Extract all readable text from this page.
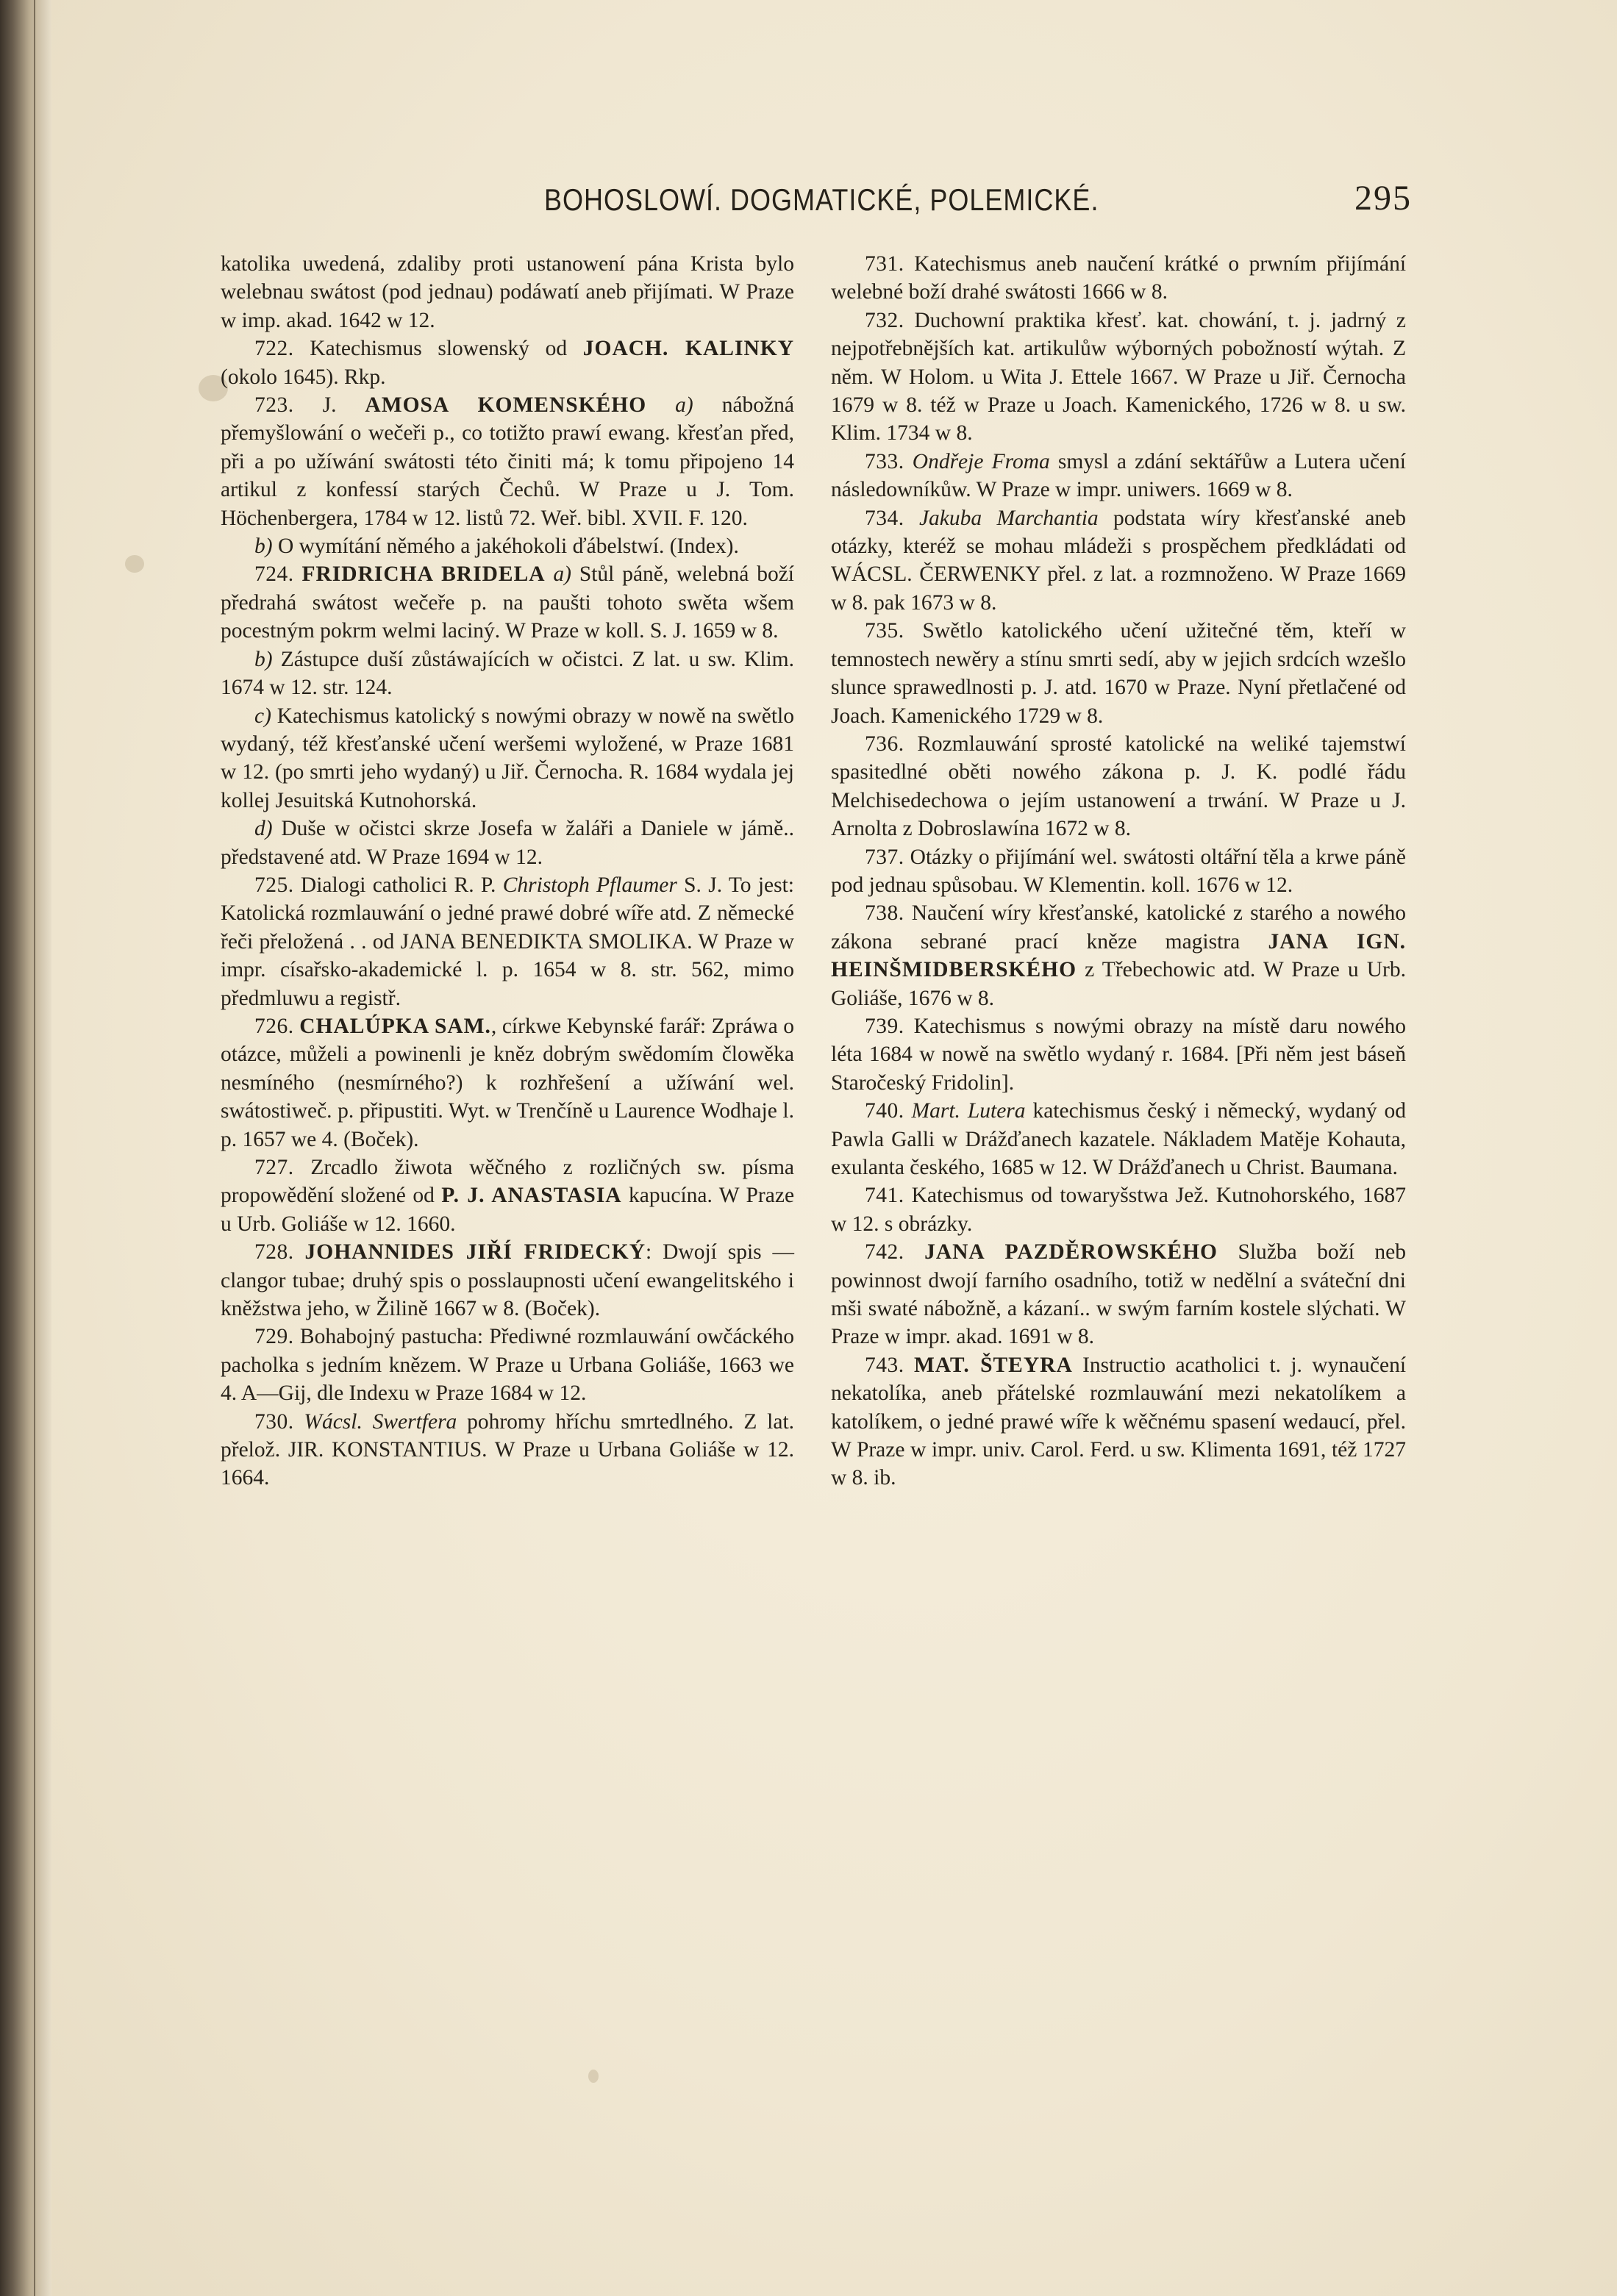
BOHOSLOWÍ. DOGMATICKÉ, POLEMICKÉ.	295

katolika uwedená, zdaliby proti ustanowení pána Krista bylo welebnau swátost (pod jednau) podáwatí aneb přijímati. W Praze w imp. akad. 1642 w 12.

722. Katechismus slowenský od JOACH. KALINKY (okolo 1645). Rkp.

723. J. AMOSA KOMENSKÉHO a) nábožná přemyšlowání o wečeři p., co totižto prawí ewang. křesťan před, při a po užíwání swátosti této činiti má; k tomu připojeno 14 artikul z konfessí starých Čechů. W Praze u J. Tom. Höchenbergera, 1784 w 12. listů 72. Weř. bibl. XVII. F. 120.

b) O wymítání němého a jakéhokoli ďábelstwí. (Index).

724. FRIDRICHA BRIDELA a) Stůl páně, welebná boží předrahá swátost wečeře p. na paušti tohoto swěta wšem pocestným pokrm welmi laciný. W Praze w koll. S. J. 1659 w 8.

b) Zástupce duší zůstáwajících w očistci. Z lat. u sw. Klim. 1674 w 12. str. 124.

c) Katechismus katolický s nowými obrazy w nowě na swětlo wydaný, též křesťanské učení weršemi wyložené, w Praze 1681 w 12. (po smrti jeho wydaný) u Jiř. Černocha. R. 1684 wydala jej kollej Jesuitská Kutnohorská.

d) Duše w očistci skrze Josefa w žaláři a Daniele w jámě.. představené atd. W Praze 1694 w 12.

725. Dialogi catholici R. P. Christoph Pflaumer S. J. To jest: Katolická rozmlauwání o jedné prawé dobré wíře atd. Z německé řeči přeložená . . od JANA BENEDIKTA SMOLIKA. W Praze w impr. císařsko-akademické l. p. 1654 w 8. str. 562, mimo předmluwu a registř.

726. CHALÚPKA SAM., církwe Kebynské farář: Zpráwa o otázce, můželi a powinenli je kněz dobrým swědomím člowěka nesmíného (nesmírného?) k rozhřešení a užíwání wel. swátostiweč. p. připustiti. Wyt. w Trenčíně u Laurence Wodhaje l. p. 1657 we 4. (Boček).

727. Zrcadlo žiwota wěčného z rozličných sw. písma propowědění složené od P. J. ANASTASIA kapucína. W Praze u Urb. Goliáše w 12. 1660.

728. JOHANNIDES JIŘÍ FRIDECKÝ: Dwojí spis — clangor tubae; druhý spis o posslaupnosti učení ewangelitského i kněžstwa jeho, w Žilině 1667 w 8. (Boček).

729. Bohabojný pastucha: Přediwné rozmlauwání owčáckého pacholka s jedním knězem. W Praze u Urbana Goliáše, 1663 we 4. A—Gij, dle Indexu w Praze 1684 w 12.

730. Wácsl. Swertfera pohromy hříchu smrtedlného. Z lat. přelož. JIR. KONSTANTIUS. W Praze u Urbana Goliáše w 12. 1664.

731. Katechismus aneb naučení krátké o prwním přijímání welebné boží drahé swátosti 1666 w 8.

732. Duchowní praktika křesť. kat. chowání, t. j. jadrný z nejpotřebnějších kat. artikulůw wýborných pobožností wýtah. Z něm. W Holom. u Wita J. Ettele 1667. W Praze u Jiř. Černocha 1679 w 8. též w Praze u Joach. Kamenického, 1726 w 8. u sw. Klim. 1734 w 8.

733. Ondřeje Froma smysl a zdání sektářůw a Lutera učení následowníkůw. W Praze w impr. uniwers. 1669 w 8.

734. Jakuba Marchantia podstata wíry křesťanské aneb otázky, kteréž se mohau mládeži s prospěchem předkládati od WÁCSL. ČERWENKY přel. z lat. a rozmnoženo. W Praze 1669 w 8. pak 1673 w 8.

735. Swětlo katolického učení užitečné těm, kteří w temnostech newěry a stínu smrti sedí, aby w jejich srdcích wzešlo slunce sprawedlnosti p. J. atd. 1670 w Praze. Nyní přetlačené od Joach. Kamenického 1729 w 8.

736. Rozmlauwání sprosté katolické na weliké tajemstwí spasitedlné oběti nowého zákona p. J. K. podlé řádu Melchisedechowa o jejím ustanowení a trwání. W Praze u J. Arnolta z Dobroslawína 1672 w 8.

737. Otázky o přijímání wel. swátosti oltářní těla a krwe páně pod jednau spůsobau. W Klementin. koll. 1676 w 12.

738. Naučení wíry křesťanské, katolické z starého a nowého zákona sebrané prací kněze magistra JANA IGN. HEINŠMIDBERSKÉHO z Třebechowic atd. W Praze u Urb. Goliáše, 1676 w 8.

739. Katechismus s nowými obrazy na místě daru nowého léta 1684 w nowě na swětlo wydaný r. 1684. [Při něm jest báseň Staročeský Fridolin].

740. Mart. Lutera katechismus český i německý, wydaný od Pawla Galli w Drážďanech kazatele. Nákladem Matěje Kohauta, exulanta českého, 1685 w 12. W Drážďanech u Christ. Baumana.

741. Katechismus od towaryšstwa Jež. Kutnohorského, 1687 w 12. s obrázky.

742. JANA PAZDĚROWSKÉHO Služba boží neb powinnost dwojí farního osadního, totiž w nedělní a sváteční dni mši swaté nábožně, a kázaní.. w swým farním kostele slýchati. W Praze w impr. akad. 1691 w 8.

743. MAT. ŠTEYRA Instructio acatholici t. j. wynaučení nekatolíka, aneb přátelské rozmlauwání mezi nekatolíkem a katolíkem, o jedné prawé wíře k wěčnému spasení wedaucí, přel. W Praze w impr. univ. Carol. Ferd. u sw. Klimenta 1691, též 1727 w 8. ib.
